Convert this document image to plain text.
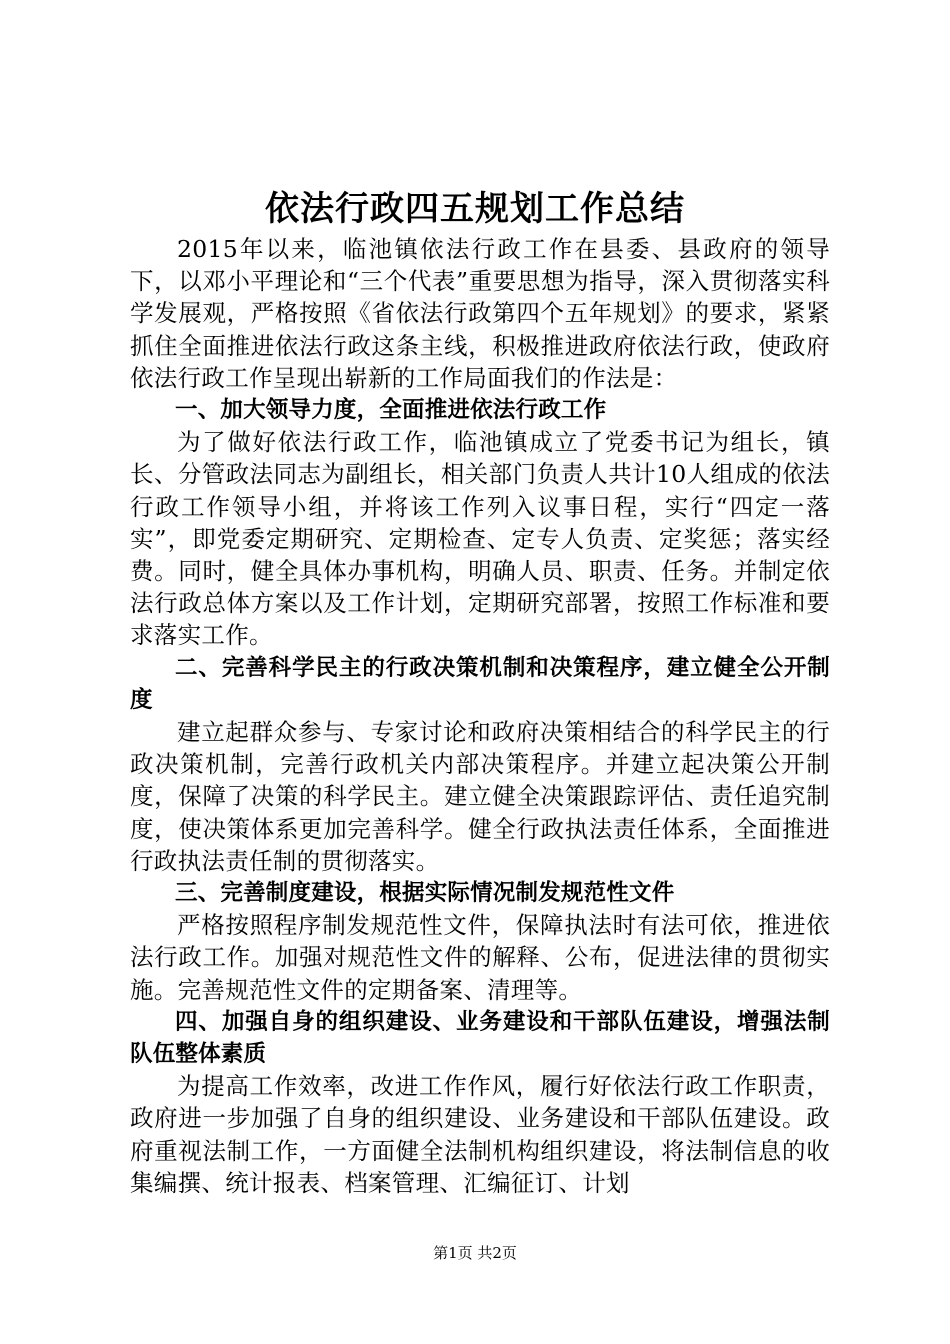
依法行政四五规划工作总结

2015年以来，临池镇依法行政工作在县委、县政府的领导下，以邓小平理论和“三个代表”重要思想为指导，深入贯彻落实科学发展观，严格按照《省依法行政第四个五年规划》的要求，紧紧抓住全面推进依法行政这条主线，积极推进政府依法行政，使政府依法行政工作呈现出崭新的工作局面我们的作法是：

一、加大领导力度，全面推进依法行政工作

为了做好依法行政工作，临池镇成立了党委书记为组长，镇长、分管政法同志为副组长，相关部门负责人共计10人组成的依法行政工作领导小组，并将该工作列入议事日程，实行“四定一落实”，即党委定期研究、定期检查、定专人负责、定奖惩；落实经费。同时，健全具体办事机构，明确人员、职责、任务。并制定依法行政总体方案以及工作计划，定期研究部署，按照工作标准和要求落实工作。

二、完善科学民主的行政决策机制和决策程序，建立健全公开制度

建立起群众参与、专家讨论和政府决策相结合的科学民主的行政决策机制，完善行政机关内部决策程序。并建立起决策公开制度，保障了决策的科学民主。建立健全决策跟踪评估、责任追究制度，使决策体系更加完善科学。健全行政执法责任体系，全面推进行政执法责任制的贯彻落实。

三、完善制度建设，根据实际情况制发规范性文件

严格按照程序制发规范性文件，保障执法时有法可依，推进依法行政工作。加强对规范性文件的解释、公布，促进法律的贯彻实施。完善规范性文件的定期备案、清理等。

四、加强自身的组织建设、业务建设和干部队伍建设，增强法制队伍整体素质

为提高工作效率，改进工作作风，履行好依法行政工作职责，政府进一步加强了自身的组织建设、业务建设和干部队伍建设。政府重视法制工作，一方面健全法制机构组织建设，将法制信息的收集编撰、统计报表、档案管理、汇编征订、计划

第1页 共2页
